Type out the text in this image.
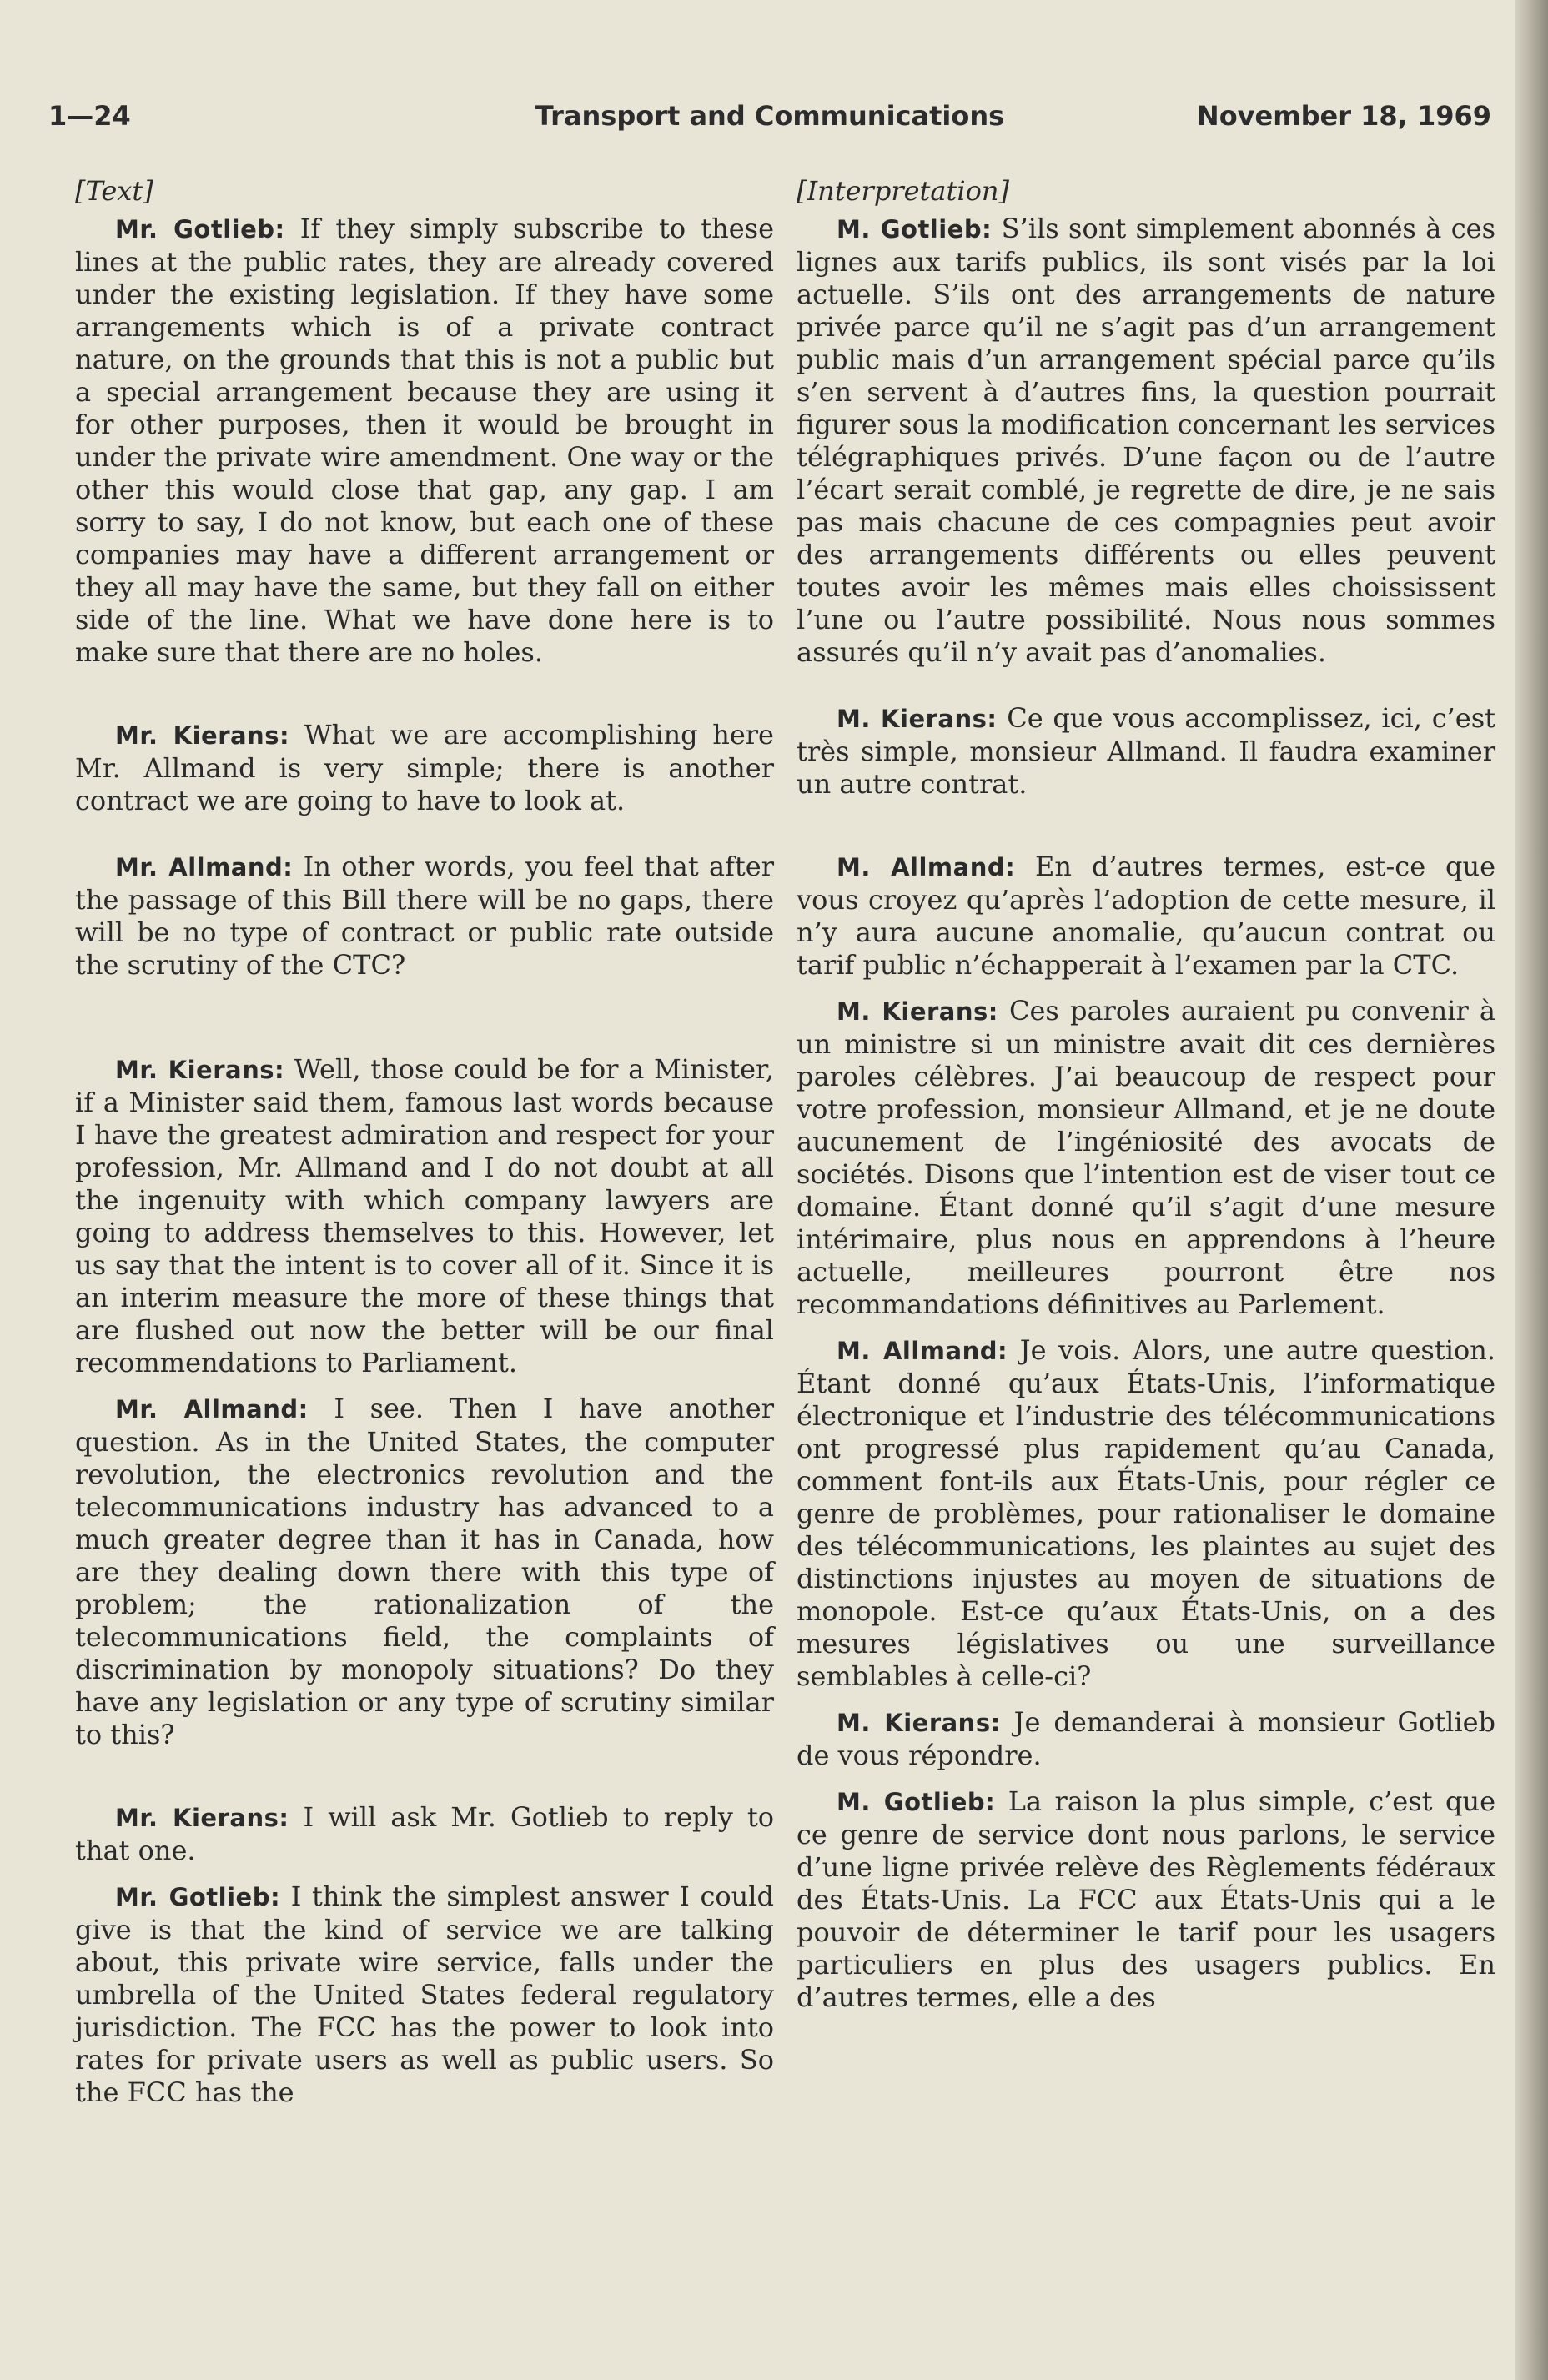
1—24	Transport and Communications	November 18, 1969

[Text]

Mr. Gotlieb: If they simply subscribe to these lines at the public rates, they are already covered under the existing legislation. If they have some arrangements which is of a private contract nature, on the grounds that this is not a public but a special arrangement because they are using it for other purposes, then it would be brought in under the private wire amendment. One way or the other this would close that gap, any gap. I am sorry to say, I do not know, but each one of these companies may have a different arrangement or they all may have the same, but they fall on either side of the line. What we have done here is to make sure that there are no holes.

Mr. Kierans: What we are accomplishing here Mr. Allmand is very simple; there is another contract we are going to have to look at.

Mr. Allmand: In other words, you feel that after the passage of this Bill there will be no gaps, there will be no type of contract or public rate outside the scrutiny of the CTC?

Mr. Kierans: Well, those could be for a Minister, if a Minister said them, famous last words because I have the greatest admiration and respect for your profession, Mr. Allmand and I do not doubt at all the ingenuity with which company lawyers are going to address themselves to this. However, let us say that the intent is to cover all of it. Since it is an interim measure the more of these things that are flushed out now the better will be our final recommendations to Parliament.

Mr. Allmand: I see. Then I have another question. As in the United States, the computer revolution, the electronics revolution and the telecommunications industry has advanced to a much greater degree than it has in Canada, how are they dealing down there with this type of problem; the rationalization of the telecommunications field, the complaints of discrimination by monopoly situations? Do they have any legislation or any type of scrutiny similar to this?

Mr. Kierans: I will ask Mr. Gotlieb to reply to that one.

Mr. Gotlieb: I think the simplest answer I could give is that the kind of service we are talking about, this private wire service, falls under the umbrella of the United States federal regulatory jurisdiction. The FCC has the power to look into rates for private users as well as public users. So the FCC has the

[Interpretation]

M. Gotlieb: S’ils sont simplement abonnés à ces lignes aux tarifs publics, ils sont visés par la loi actuelle. S’ils ont des arrangements de nature privée parce qu’il ne s’agit pas d’un arrangement public mais d’un arrangement spécial parce qu’ils s’en servent à d’autres fins, la question pourrait figurer sous la modification concernant les services télégraphiques privés. D’une façon ou de l’autre l’écart serait comblé, je regrette de dire, je ne sais pas mais chacune de ces compagnies peut avoir des arrangements différents ou elles peuvent toutes avoir les mêmes mais elles choississent l’une ou l’autre possibilité. Nous nous sommes assurés qu’il n’y avait pas d’anomalies.

M. Kierans: Ce que vous accomplissez, ici, c’est très simple, monsieur Allmand. Il faudra examiner un autre contrat.

M. Allmand: En d’autres termes, est-ce que vous croyez qu’après l’adoption de cette mesure, il n’y aura aucune anomalie, qu’aucun contrat ou tarif public n’échapperait à l’examen par la CTC.

M. Kierans: Ces paroles auraient pu convenir à un ministre si un ministre avait dit ces dernières paroles célèbres. J’ai beaucoup de respect pour votre profession, monsieur Allmand, et je ne doute aucunement de l’ingéniosité des avocats de sociétés. Disons que l’intention est de viser tout ce domaine. Étant donné qu’il s’agit d’une mesure intérimaire, plus nous en apprendons à l’heure actuelle, meilleures pourront être nos recommandations définitives au Parlement.

M. Allmand: Je vois. Alors, une autre question. Étant donné qu’aux États-Unis, l’informatique électronique et l’industrie des télécommunications ont progressé plus rapidement qu’au Canada, comment font-ils aux États-Unis, pour régler ce genre de problèmes, pour rationaliser le domaine des télécommunications, les plaintes au sujet des distinctions injustes au moyen de situations de monopole. Est-ce qu’aux États-Unis, on a des mesures législatives ou une surveillance semblables à celle-ci?

M. Kierans: Je demanderai à monsieur Gotlieb de vous répondre.

M. Gotlieb: La raison la plus simple, c’est que ce genre de service dont nous parlons, le service d’une ligne privée relève des Règlements fédéraux des États-Unis. La FCC aux États-Unis qui a le pouvoir de déterminer le tarif pour les usagers particuliers en plus des usagers publics. En d’autres termes, elle a des
